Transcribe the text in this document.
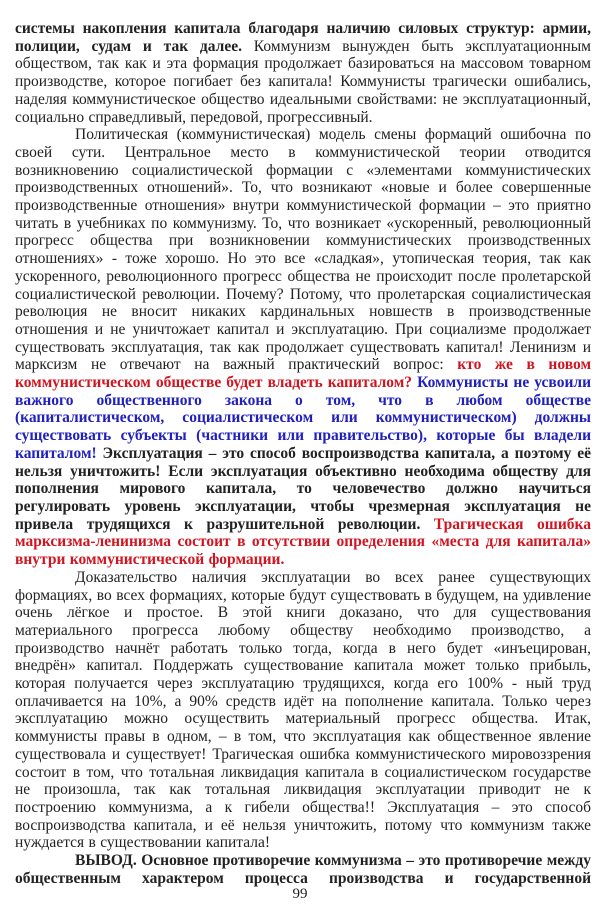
системы накопления капитала благодаря наличию силовых структур: армии, полиции, судам и так далее. Коммунизм вынужден быть эксплуатационным обществом, так как и эта формация продолжает базироваться на массовом товарном производстве, которое погибает без капитала! Коммунисты трагически ошибались, наделяя коммунистическое общество идеальными свойствами: не эксплуатационный, социально справедливый, передовой, прогрессивный.

Политическая (коммунистическая) модель смены формаций ошибочна по своей сути. Центральное место в коммунистической теории отводится возникновению социалистической формации с «элементами коммунистических производственных отношений». То, что возникают «новые и более совершенные производственные отношения» внутри коммунистической формации – это приятно читать в учебниках по коммунизму. То, что возникает «ускоренный, революционный прогресс общества при возникновении коммунистических производственных отношениях» - тоже хорошо. Но это все «сладкая», утопическая теория, так как ускоренного, революционного прогресс общества не происходит после пролетарской социалистической революции. Почему? Потому, что пролетарская социалистическая революция не вносит никаких кардинальных новшеств в производственные отношения и не уничтожает капитал и эксплуатацию. При социализме продолжает существовать эксплуатация, так как продолжает существовать капитал! Ленинизм и марксизм не отвечают на важный практический вопрос: кто же в новом коммунистическом обществе будет владеть капиталом? Коммунисты не усвоили важного общественного закона о том, что в любом обществе (капиталистическом, социалистическом или коммунистическом) должны существовать субъекты (частники или правительство), которые бы владели капиталом! Эксплуатация – это способ воспроизводства капитала, а поэтому её нельзя уничтожить! Если эксплуатация объективно необходима обществу для пополнения мирового капитала, то человечество должно научиться регулировать уровень эксплуатации, чтобы чрезмерная эксплуатация не привела трудящихся к разрушительной революции. Трагическая ошибка марксизма-ленинизма состоит в отсутствии определения «места для капитала» внутри коммунистической формации.

Доказательство наличия эксплуатации во всех ранее существующих формациях, во всех формациях, которые будут существовать в будущем, на удивление очень лёгкое и простое. В этой книги доказано, что для существования материального прогресса любому обществу необходимо производство, а производство начнёт работать только тогда, когда в него будет «инъецирован, внедрён» капитал. Поддержать существование капитала может только прибыль, которая получается через эксплуатацию трудящихся, когда его 100% - ный труд оплачивается на 10%, а 90% средств идёт на пополнение капитала. Только через эксплуатацию можно осуществить материальный прогресс общества. Итак, коммунисты правы в одном, – в том, что эксплуатация как общественное явление существовала и существует! Трагическая ошибка коммунистического мировоззрения состоит в том, что тотальная ликвидация капитала в социалистическом государстве не произошла, так как тотальная ликвидация эксплуатации приводит не к построению коммунизма, а к гибели общества!! Эксплуатация – это способ воспроизводства капитала, и её нельзя уничтожить, потому что коммунизм также нуждается в существовании капитала!

ВЫВОД. Основное противоречие коммунизма – это противоречие между общественным характером процесса производства и государственной

99
